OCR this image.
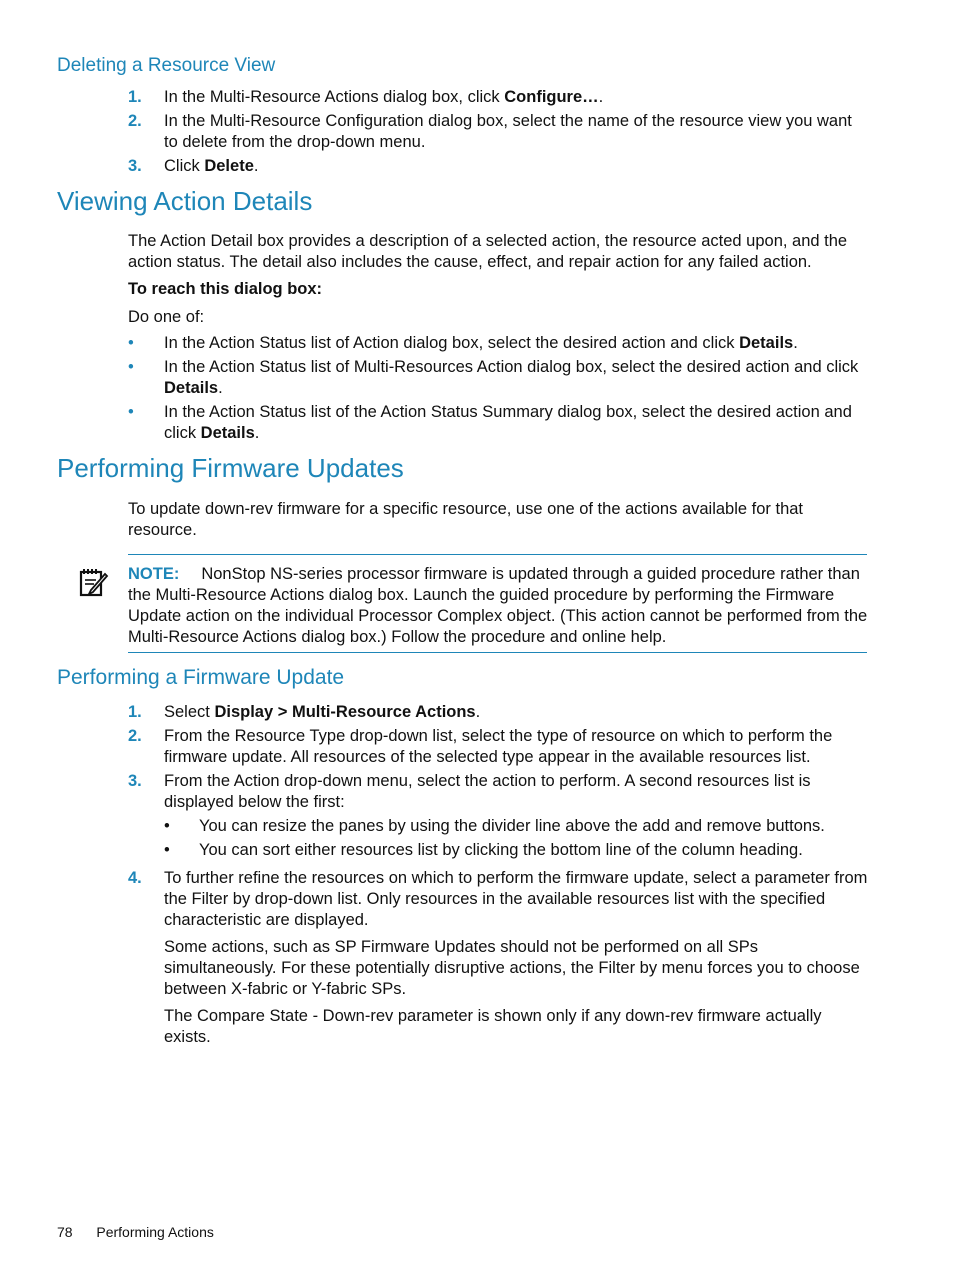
Deleting a Resource View
1. In the Multi-Resource Actions dialog box, click Configure….
2. In the Multi-Resource Configuration dialog box, select the name of the resource view you want to delete from the drop-down menu.
3. Click Delete.
Viewing Action Details

The Action Detail box provides a description of a selected action, the resource acted upon, and the action status. The detail also includes the cause, effect, and repair action for any failed action.

To reach this dialog box:

Do one of:

• In the Action Status list of Action dialog box, select the desired action and click Details.
• In the Action Status list of Multi-Resources Action dialog box, select the desired action and click Details.
• In the Action Status list of the Action Status Summary dialog box, select the desired action and click Details.
Performing Firmware Updates

To update down-rev firmware for a specific resource, use one of the actions available for that resource.

NOTE: NonStop NS-series processor firmware is updated through a guided procedure rather than the Multi-Resource Actions dialog box. Launch the guided procedure by performing the Firmware Update action on the individual Processor Complex object. (This action cannot be performed from the Multi-Resource Actions dialog box.) Follow the procedure and online help.

Performing a Firmware Update
1. Select Display > Multi-Resource Actions.
2. From the Resource Type drop-down list, select the type of resource on which to perform the firmware update. All resources of the selected type appear in the available resources list.
3. From the Action drop-down menu, select the action to perform. A second resources list is displayed below the first:
• You can resize the panes by using the divider line above the add and remove buttons.
• You can sort either resources list by clicking the bottom line of the column heading.
4. To further refine the resources on which to perform the firmware update, select a parameter from the Filter by drop-down list. Only resources in the available resources list with the specified characteristic are displayed.

Some actions, such as SP Firmware Updates should not be performed on all SPs simultaneously. For these potentially disruptive actions, the Filter by menu forces you to choose between X-fabric or Y-fabric SPs.

The Compare State - Down-rev parameter is shown only if any down-rev firmware actually exists.

78 Performing Actions
